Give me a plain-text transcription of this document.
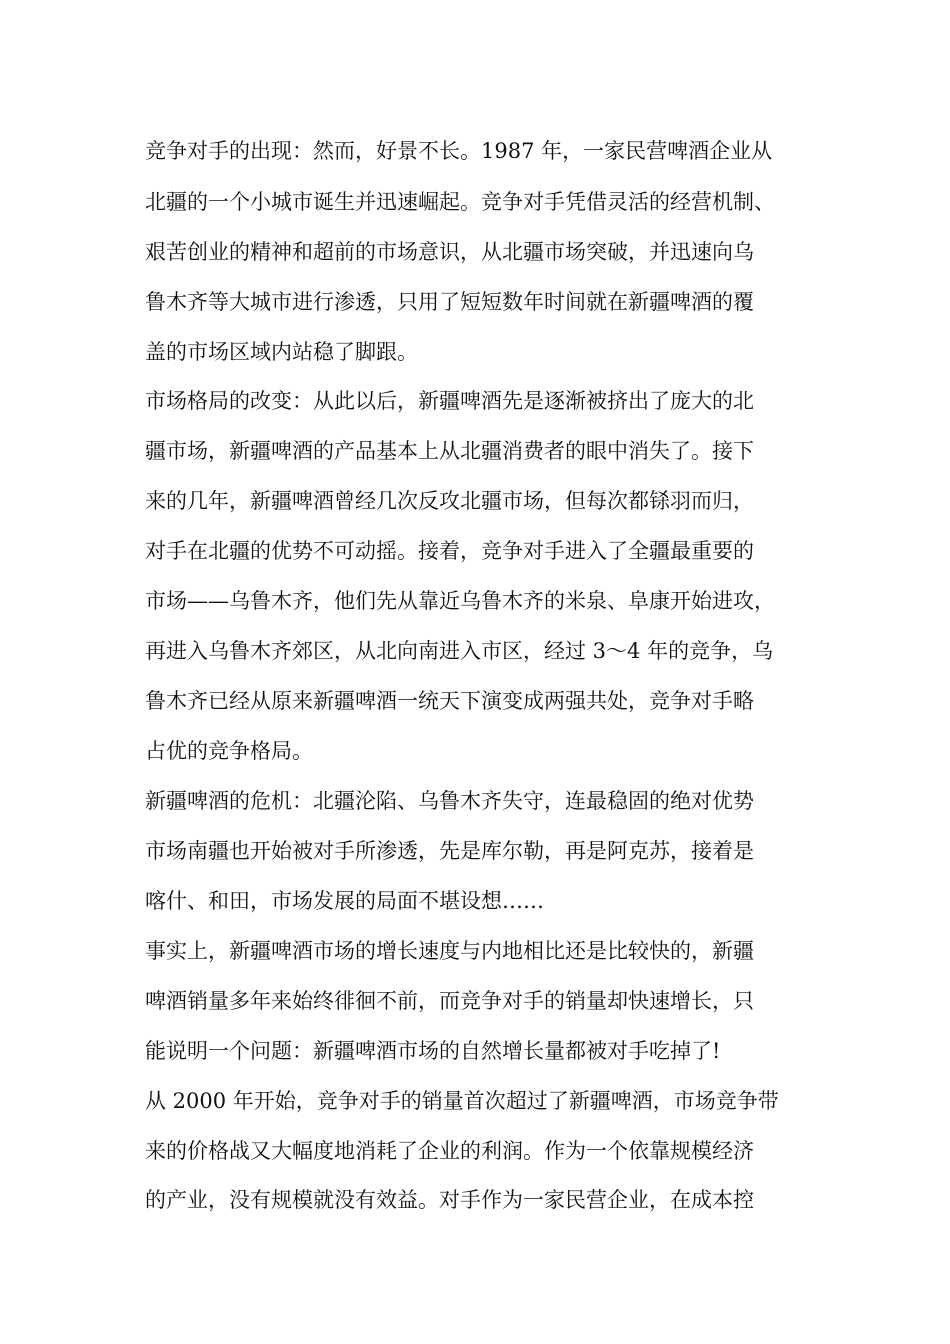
竞争对手的出现：然而，好景不长。1987 年，一家民营啤酒企业从
北疆的一个小城市诞生并迅速崛起。竞争对手凭借灵活的经营机制、
艰苦创业的精神和超前的市场意识，从北疆市场突破，并迅速向乌
鲁木齐等大城市进行渗透，只用了短短数年时间就在新疆啤酒的覆
盖的市场区域内站稳了脚跟。
市场格局的改变：从此以后，新疆啤酒先是逐渐被挤出了庞大的北
疆市场，新疆啤酒的产品基本上从北疆消费者的眼中消失了。接下
来的几年，新疆啤酒曾经几次反攻北疆市场，但每次都铩羽而归，
对手在北疆的优势不可动摇。接着，竞争对手进入了全疆最重要的
市场——乌鲁木齐，他们先从靠近乌鲁木齐的米泉、阜康开始进攻，
再进入乌鲁木齐郊区，从北向南进入市区，经过 3～4 年的竞争，乌
鲁木齐已经从原来新疆啤酒一统天下演变成两强共处，竞争对手略
占优的竞争格局。
新疆啤酒的危机：北疆沦陷、乌鲁木齐失守，连最稳固的绝对优势
市场南疆也开始被对手所渗透，先是库尔勒，再是阿克苏，接着是
喀什、和田，市场发展的局面不堪设想……
事实上，新疆啤酒市场的增长速度与内地相比还是比较快的，新疆
啤酒销量多年来始终徘徊不前，而竞争对手的销量却快速增长，只
能说明一个问题：新疆啤酒市场的自然增长量都被对手吃掉了!
从 2000 年开始，竞争对手的销量首次超过了新疆啤酒，市场竞争带
来的价格战又大幅度地消耗了企业的利润。作为一个依靠规模经济
的产业，没有规模就没有效益。对手作为一家民营企业，在成本控
